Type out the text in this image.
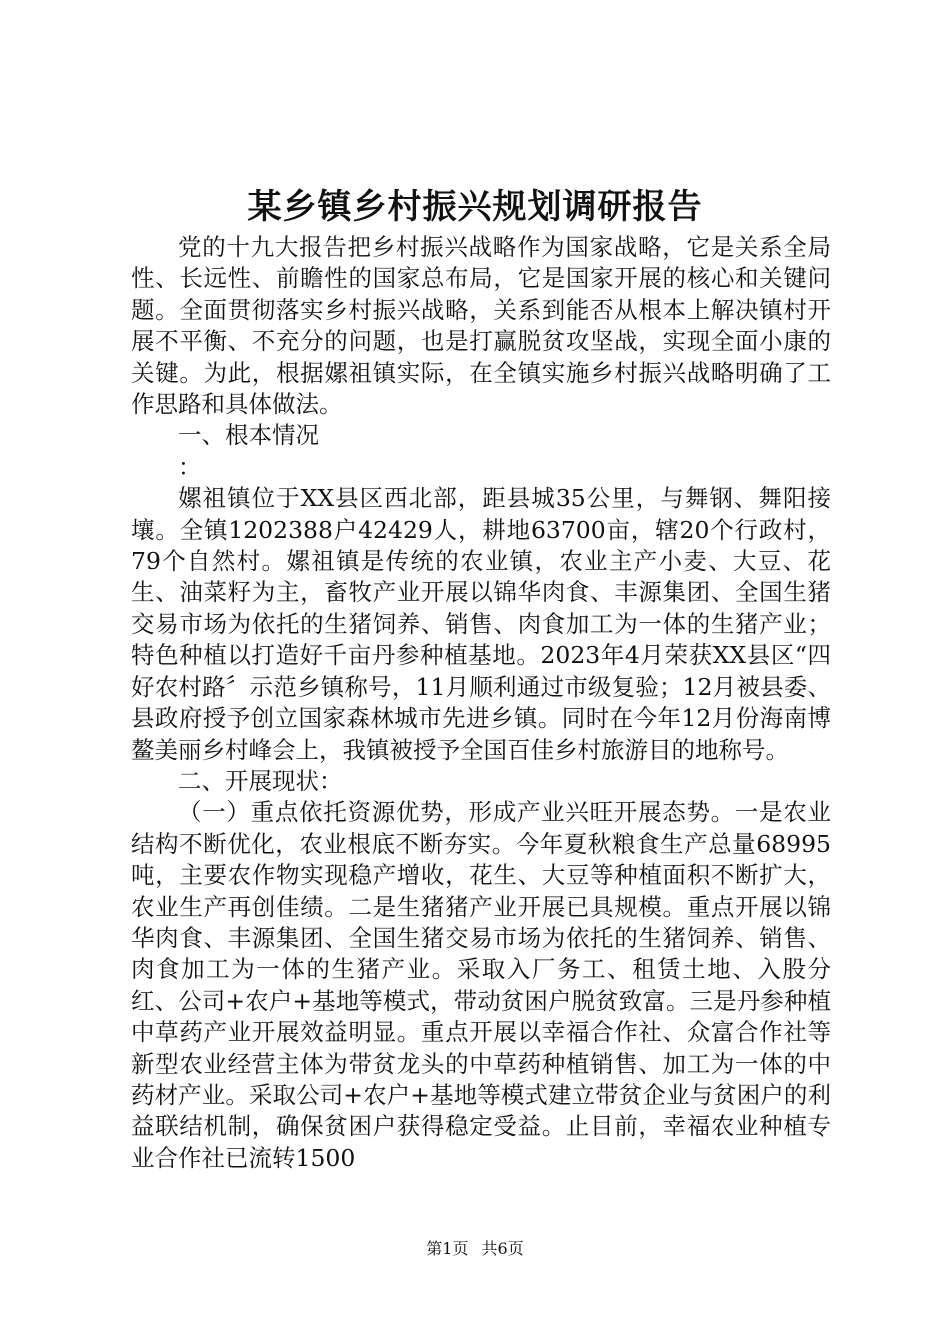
某乡镇乡村振兴规划调研报告

党的十九大报告把乡村振兴战略作为国家战略，它是关系全局性、长远性、前瞻性的国家总布局，它是国家开展的核心和关键问题。全面贯彻落实乡村振兴战略，关系到能否从根本上解决镇村开展不平衡、不充分的问题，也是打赢脱贫攻坚战，实现全面小康的关键。为此，根据嫘祖镇实际，在全镇实施乡村振兴战略明确了工作思路和具体做法。

一、根本情况

：

嫘祖镇位于XX县区西北部，距县城35公里，与舞钢、舞阳接壤。全镇1202388户42429人，耕地63700亩，辖20个行政村，79个自然村。嫘祖镇是传统的农业镇，农业主产小麦、大豆、花生、油菜籽为主，畜牧产业开展以锦华肉食、丰源集团、全国生猪交易市场为依托的生猪饲养、销售、肉食加工为一体的生猪产业；特色种植以打造好千亩丹参种植基地。2023年4月荣获XX县区“四好农村路〞示范乡镇称号，11月顺利通过市级复验；12月被县委、县政府授予创立国家森林城市先进乡镇。同时在今年12月份海南博鳌美丽乡村峰会上，我镇被授予全国百佳乡村旅游目的地称号。

二、开展现状：

（一）重点依托资源优势，形成产业兴旺开展态势。一是农业结构不断优化，农业根底不断夯实。今年夏秋粮食生产总量68995吨，主要农作物实现稳产增收，花生、大豆等种植面积不断扩大，农业生产再创佳绩。二是生猪猪产业开展已具规模。重点开展以锦华肉食、丰源集团、全国生猪交易市场为依托的生猪饲养、销售、肉食加工为一体的生猪产业。采取入厂务工、租赁土地、入股分红、公司+农户+基地等模式，带动贫困户脱贫致富。三是丹参种植中草药产业开展效益明显。重点开展以幸福合作社、众富合作社等新型农业经营主体为带贫龙头的中草药种植销售、加工为一体的中药材产业。采取公司+农户+基地等模式建立带贫企业与贫困户的利益联结机制，确保贫困户获得稳定受益。止目前，幸福农业种植专业合作社已流转1500

第1页 共6页
